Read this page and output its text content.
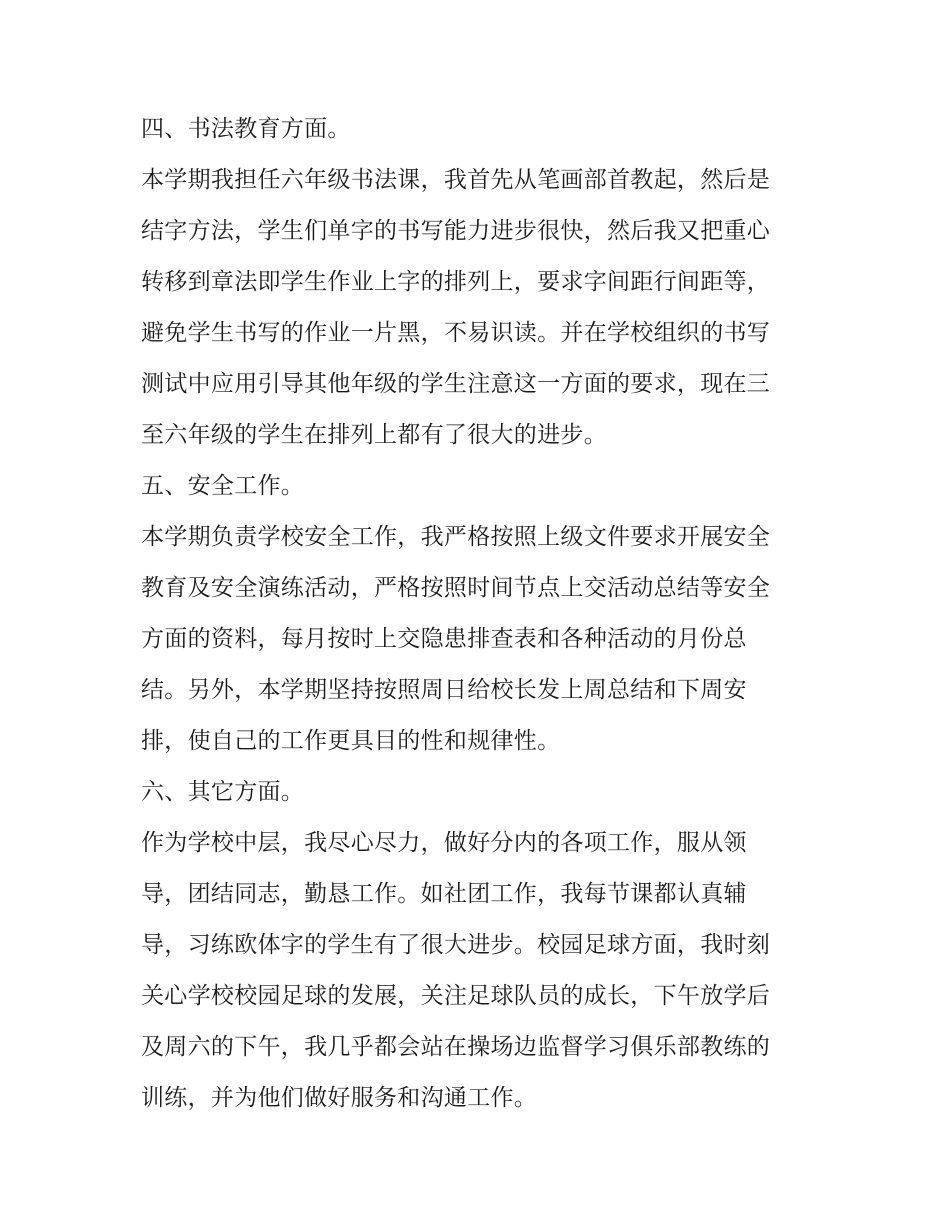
四、书法教育方面。
本学期我担任六年级书法课，我首先从笔画部首教起，然后是
结字方法，学生们单字的书写能力进步很快，然后我又把重心
转移到章法即学生作业上字的排列上，要求字间距行间距等，
避免学生书写的作业一片黑，不易识读。并在学校组织的书写
测试中应用引导其他年级的学生注意这一方面的要求，现在三
至六年级的学生在排列上都有了很大的进步。
五、安全工作。
本学期负责学校安全工作，我严格按照上级文件要求开展安全
教育及安全演练活动，严格按照时间节点上交活动总结等安全
方面的资料，每月按时上交隐患排查表和各种活动的月份总
结。另外，本学期坚持按照周日给校长发上周总结和下周安
排，使自己的工作更具目的性和规律性。
六、其它方面。
作为学校中层，我尽心尽力，做好分内的各项工作，服从领
导，团结同志，勤恳工作。如社团工作，我每节课都认真辅
导，习练欧体字的学生有了很大进步。校园足球方面，我时刻
关心学校校园足球的发展，关注足球队员的成长，下午放学后
及周六的下午，我几乎都会站在操场边监督学习俱乐部教练的
训练，并为他们做好服务和沟通工作。
